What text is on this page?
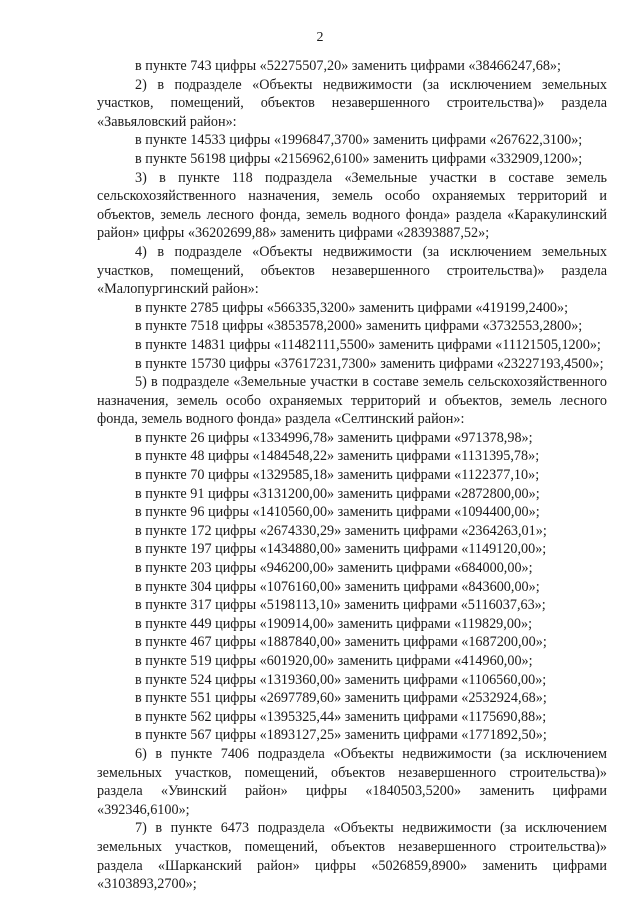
2
в пункте 743 цифры «52275507,20» заменить цифрами «38466247,68»;
2) в подразделе «Объекты недвижимости (за исключением земельных
участков, помещений, объектов незавершенного строительства)» раздела
«Завьяловский район»:
в пункте 14533 цифры «1996847,3700» заменить цифрами «267622,3100»;
в пункте 56198 цифры «2156962,6100» заменить цифрами «332909,1200»;
3) в пункте 118 подраздела «Земельные участки в составе земель
сельскохозяйственного назначения, земель особо охраняемых территорий и
объектов, земель лесного фонда, земель водного фонда» раздела «Каракулинский
район» цифры «36202699,88» заменить цифрами «28393887,52»;
4) в подразделе «Объекты недвижимости (за исключением земельных
участков, помещений, объектов незавершенного строительства)» раздела
«Малопургинский район»:
в пункте 2785 цифры «566335,3200» заменить цифрами «419199,2400»;
в пункте 7518 цифры «3853578,2000» заменить цифрами «3732553,2800»;
в пункте 14831 цифры «11482111,5500» заменить цифрами «11121505,1200»;
в пункте 15730 цифры «37617231,7300» заменить цифрами «23227193,4500»;
5) в подразделе «Земельные участки в составе земель сельскохозяйственного
назначения, земель особо охраняемых территорий и объектов, земель лесного
фонда, земель водного фонда» раздела «Селтинский район»:
в пункте 26 цифры «1334996,78» заменить цифрами «971378,98»;
в пункте 48 цифры «1484548,22» заменить цифрами «1131395,78»;
в пункте 70 цифры «1329585,18» заменить цифрами «1122377,10»;
в пункте 91 цифры «3131200,00» заменить цифрами «2872800,00»;
в пункте 96 цифры «1410560,00» заменить цифрами «1094400,00»;
в пункте 172 цифры «2674330,29» заменить цифрами «2364263,01»;
в пункте 197 цифры «1434880,00» заменить цифрами «1149120,00»;
в пункте 203 цифры «946200,00» заменить цифрами «684000,00»;
в пункте 304 цифры «1076160,00» заменить цифрами «843600,00»;
в пункте 317 цифры «5198113,10» заменить цифрами «5116037,63»;
в пункте 449 цифры «190914,00» заменить цифрами «119829,00»;
в пункте 467 цифры «1887840,00» заменить цифрами «1687200,00»;
в пункте 519 цифры «601920,00» заменить цифрами «414960,00»;
в пункте 524 цифры «1319360,00» заменить цифрами «1106560,00»;
в пункте 551 цифры «2697789,60» заменить цифрами «2532924,68»;
в пункте 562 цифры «1395325,44» заменить цифрами «1175690,88»;
в пункте 567 цифры «1893127,25» заменить цифрами «1771892,50»;
6) в пункте 7406 подраздела «Объекты недвижимости (за исключением
земельных участков, помещений, объектов незавершенного строительства)»
раздела «Увинский район» цифры «1840503,5200» заменить цифрами
«392346,6100»;
7) в пункте 6473 подраздела «Объекты недвижимости (за исключением
земельных участков, помещений, объектов незавершенного строительства)»
раздела «Шарканский район» цифры «5026859,8900» заменить цифрами
«3103893,2700»;
